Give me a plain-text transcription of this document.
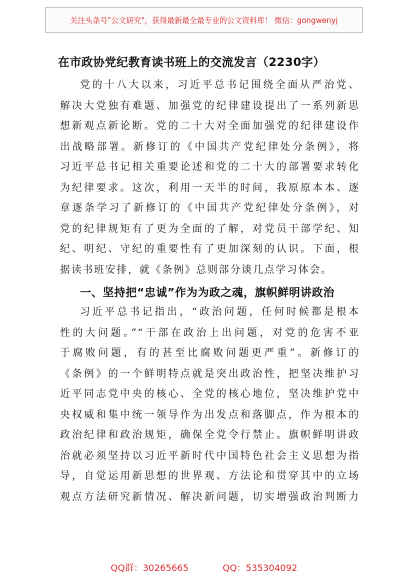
关注头条号"公文研究"，获得最新最全最专业的公文资料库！ 微信：gongwenyj
在市政协党纪教育读书班上的交流发言（2230字）
党的十八大以来，习近平总书记围绕全面从严治党、
解决大党独有难题、加强党的纪律建设提出了一系列新思
想新观点新论断。党的二十大对全面加强党的纪律建设作
出战略部署。新修订的《中国共产党纪律处分条例》，将
习近平总书记相关重要论述和党的二十大的部署要求转化
为纪律要求。这次，利用一天半的时间，我原原本本、逐
章逐条学习了新修订的《中国共产党纪律处分条例》，对
党的纪律规矩有了更为全面的了解，对党员干部学纪、知
纪、明纪、守纪的重要性有了更加深刻的认识。下面，根
据读书班安排，就《条例》总则部分谈几点学习体会。
一、坚持把“忠诚”作为为政之魂，旗帜鲜明讲政治
习近平总书记指出，“政治问题，任何时候都是根本
性的大问题。”“干部在政治上出问题，对党的危害不亚
于腐败问题，有的甚至比腐败问题更严重”。新修订的
《条例》的一个鲜明特点就是突出政治性，把坚决维护习
近平同志党中央的核心、全党的核心地位，坚决维护党中
央权威和集中统一领导作为出发点和落脚点，作为根本的
政治纪律和政治规矩，确保全党令行禁止。旗帜鲜明讲政
治就必须坚持以习近平新时代中国特色社会主义思想为指
导，自觉运用新思想的世界观、方法论和贯穿其中的立场
观点方法研究新情况、解决新问题，切实增强政治判断力
QQ群：30265665	QQ：535304092
